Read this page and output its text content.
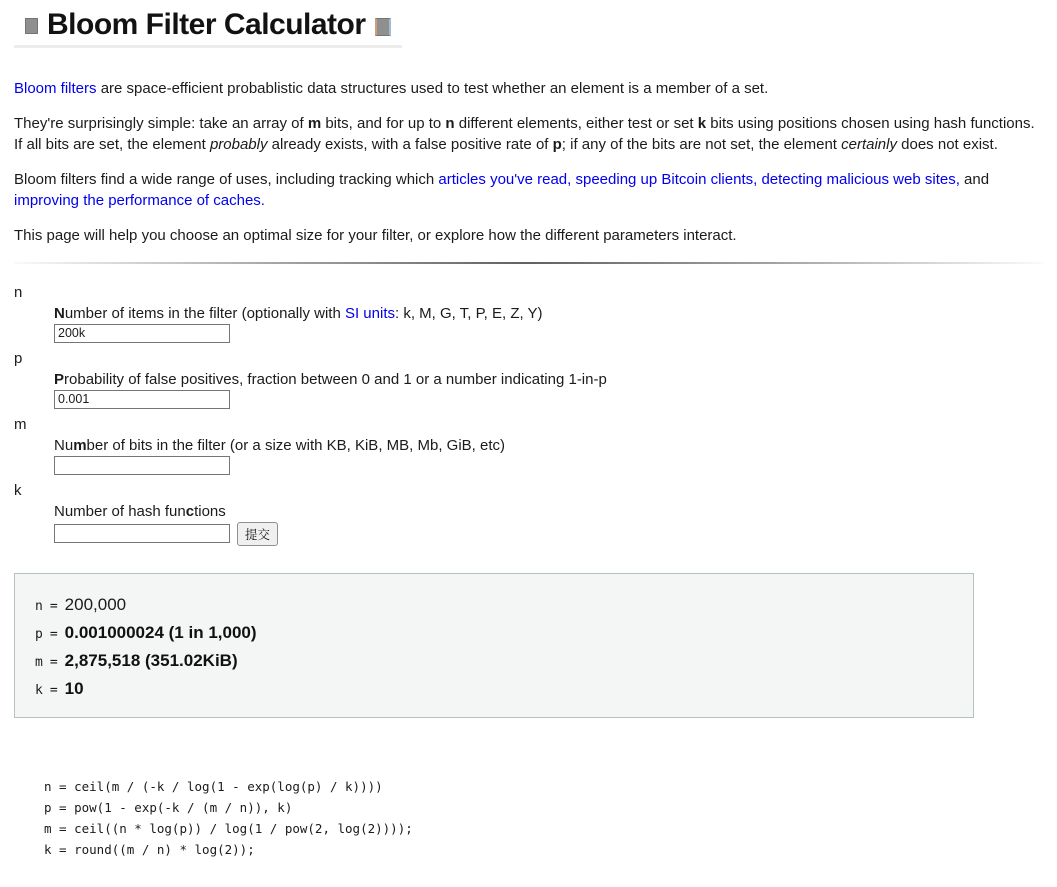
Bloom Filter Calculator

Bloom filters are space-efficient probablistic data structures used to test whether an element is a member of a set.

They're surprisingly simple: take an array of m bits, and for up to n different elements, either test or set k bits using positions chosen using hash functions. If all bits are set, the element probably already exists, with a false positive rate of p; if any of the bits are not set, the element certainly does not exist.

Bloom filters find a wide range of uses, including tracking which articles you've read, speeding up Bitcoin clients, detecting malicious web sites, and improving the performance of caches.

This page will help you choose an optimal size for your filter, or explore how the different parameters interact.

n
Number of items in the filter (optionally with SI units: k, M, G, T, P, E, Z, Y)
200k
p
Probability of false positives, fraction between 0 and 1 or a number indicating 1-in-p
0.001
m
Number of bits in the filter (or a size with KB, KiB, MB, Mb, GiB, etc)
k
Number of hash functions
提交
n = 200,000
p = 0.001000024 (1 in 1,000)
m = 2,875,518 (351.02KiB)
k = 10
n = ceil(m / (-k / log(1 - exp(log(p) / k))))
p = pow(1 - exp(-k / (m / n)), k)
m = ceil((n * log(p)) / log(1 / pow(2, log(2))));
k = round((m / n) * log(2));
